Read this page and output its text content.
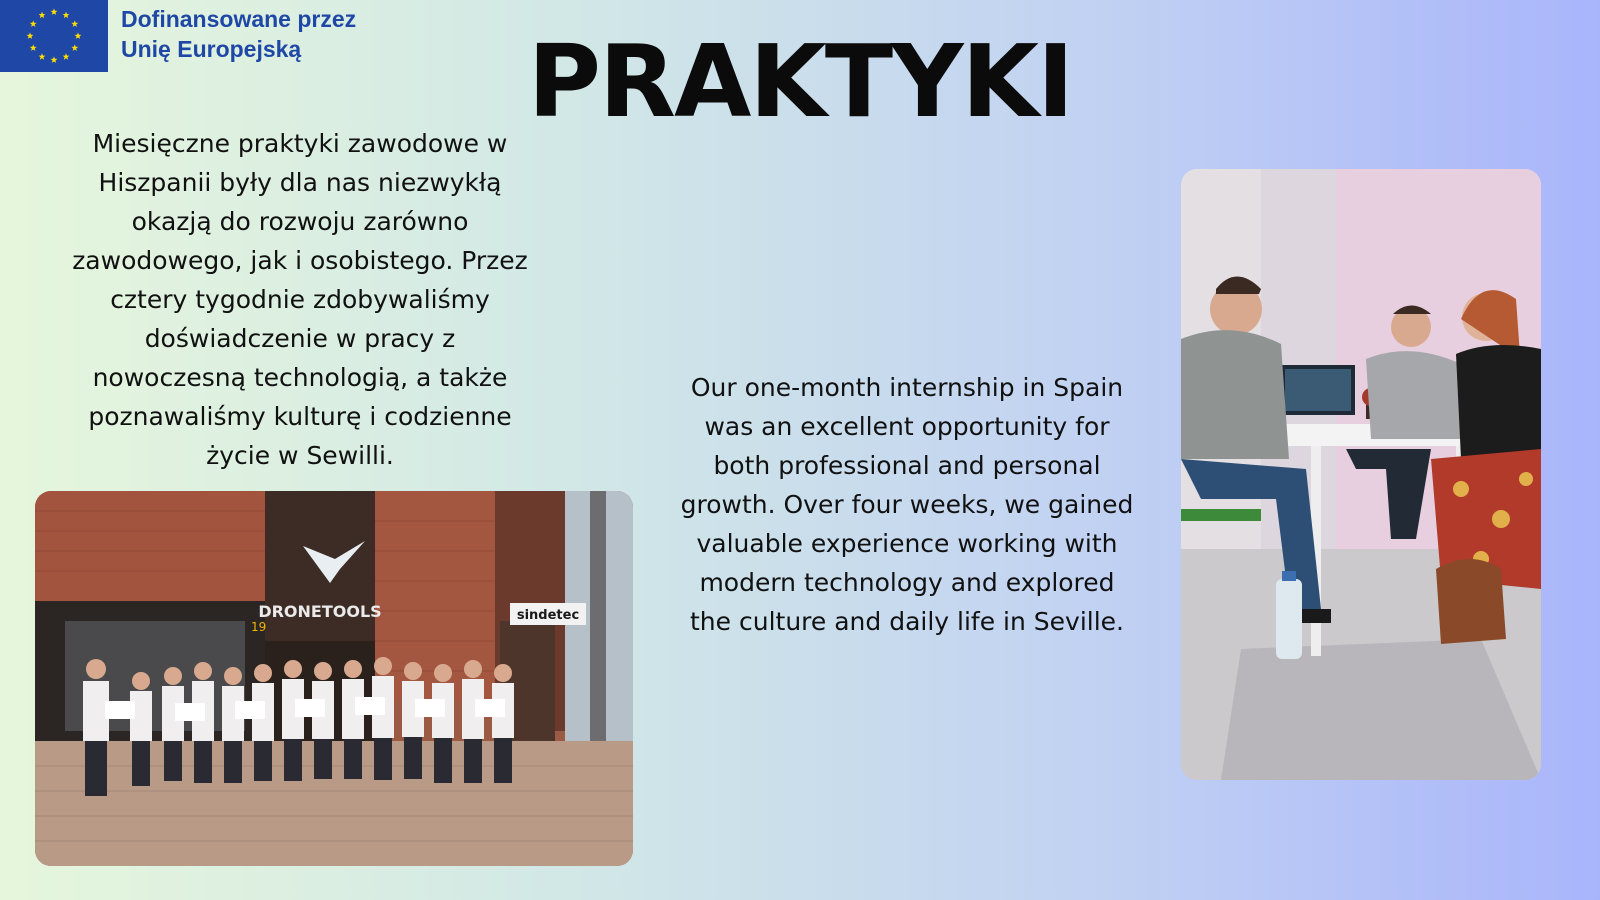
Dofinansowane przez
Unię Europejską	PRAKTYKI

Miesięczne praktyki zawodowe w Hiszpanii były dla nas niezwykłą okazją do rozwoju zarówno zawodowego, jak i osobistego. Przez cztery tygodnie zdobywaliśmy doświadczenie w pracy z nowoczesną technologią, a także poznawaliśmy kulturę i codzienne życie w Sewilli.

Our one-month internship in Spain was an excellent opportunity for both professional and personal growth. Over four weeks, we gained valuable experience working with modern technology and explored the culture and daily life in Seville.

DRONETOOLS	sindetec
19
